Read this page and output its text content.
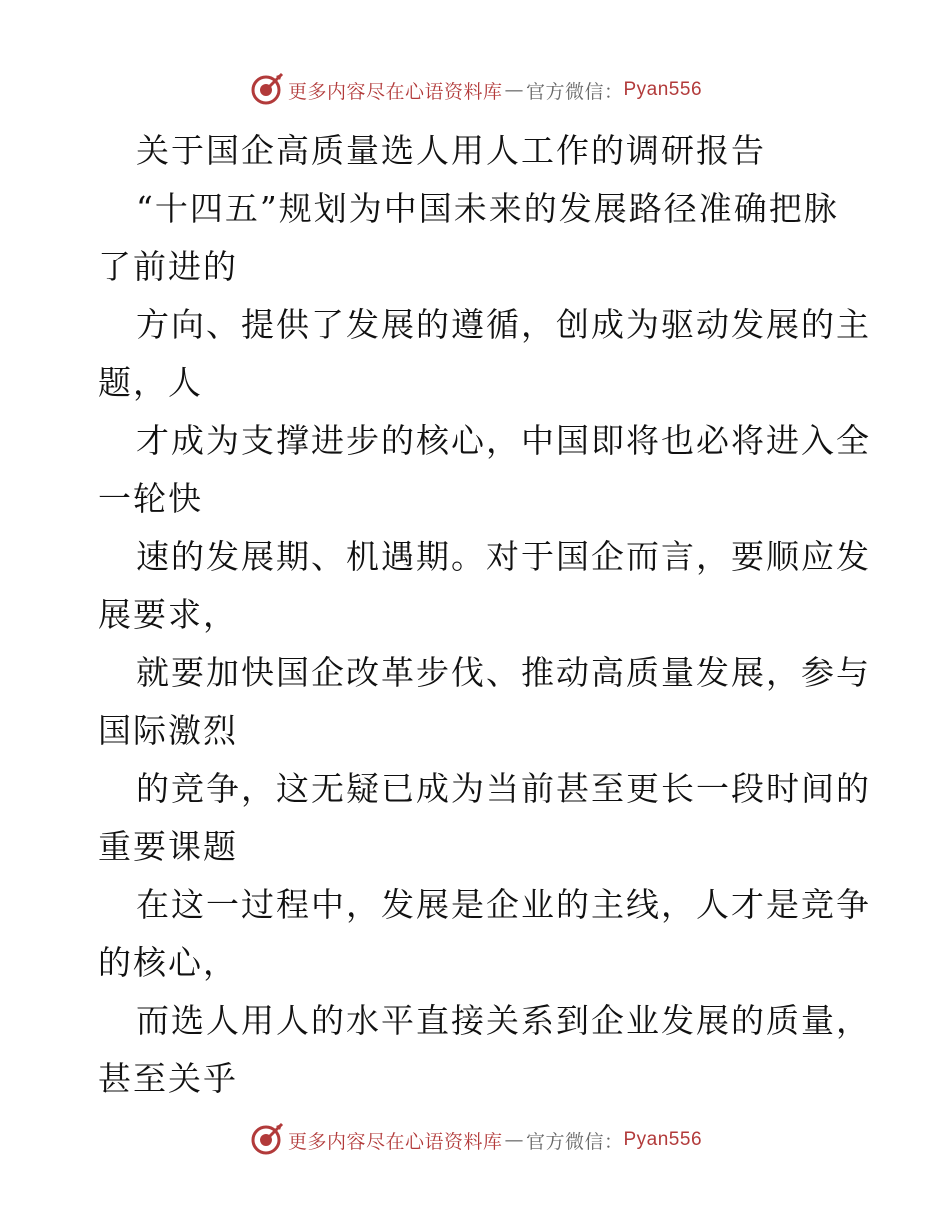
更多内容尽在心语资料库 — 官方微信： Pyan556
关于国企高质量选人用人工作的调研报告
“十四五”规划为中国未来的发展路径准确把脉
了前进的
方向、提供了发展的遵循，创成为驱动发展的主
题，人
才成为支撑进步的核心，中国即将也必将进入全
一轮快
速的发展期、机遇期。对于国企而言，要顺应发
展要求，
就要加快国企改革步伐、推动高质量发展，参与
国际激烈
的竞争，这无疑已成为当前甚至更长一段时间的
重要课题
在这一过程中，发展是企业的主线，人才是竞争
的核心，
而选人用人的水平直接关系到企业发展的质量，
甚至关乎
更多内容尽在心语资料库 — 官方微信： Pyan556
